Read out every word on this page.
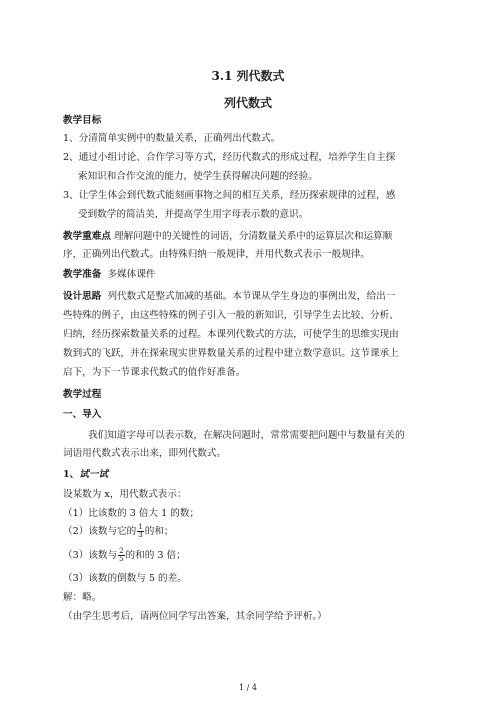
3.1 列代数式
列代数式
教学目标
1、分清简单实例中的数量关系，正确列出代数式。
2、通过小组讨论、合作学习等方式，经历代数式的形成过程，培养学生自主探
索知识和合作交流的能力，使学生获得解决问题的经验。
3、让学生体会到代数式能刻画事物之间的相互关系，经历探索规律的过程，感
受到数学的简洁美，并提高学生用字母表示数的意识。
教学重难点 理解问题中的关键性的词语，分清数量关系中的运算层次和运算顺
序，正确列出代数式。由特殊归纳一般规律，并用代数式表示一般规律。
教学准备 多媒体课件
设计思路 列代数式是整式加减的基础。本节课从学生身边的事例出发，给出一
些特殊的例子，由这些特殊的例子引入一般的新知识，引导学生去比较、分析、
归纳，经历探索数量关系的过程。本课列代数式的方法，可使学生的思维实现由
数到式的飞跃，并在探索现实世界数量关系的过程中建立数学意识。这节课承上
启下，为下一节课求代数式的值作好准备。
教学过程
一、导入
我们知道字母可以表示数，在解决问题时，常常需要把问题中与数量有关的
词语用代数式表示出来，即列代数式。
1、试一试
设某数为 x，用代数式表示：
（1）比该数的 3 倍大 1 的数；
（2）该数与它的 $\frac{1}{3}$ 的和；
（3）该数与 $\frac{2}{5}$ 的和的 3 倍；
（3）该数的倒数与 5 的差。
解：略。
（由学生思考后，请两位同学写出答案，其余同学给予评析。）
1 / 4
